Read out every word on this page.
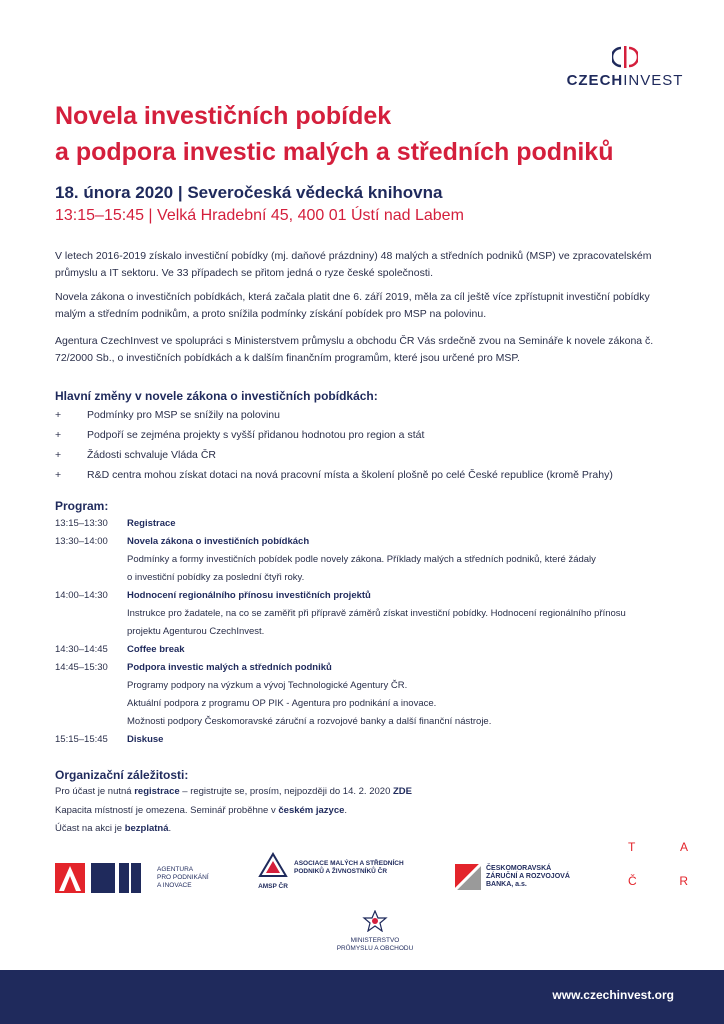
CZECHINVEST
Novela investičních pobídek
a podpora investic malých a středních podniků
18. února 2020 | Severočeská vědecká knihovna
13:15–15:45 | Velká Hradební 45, 400 01 Ústí nad Labem

V letech 2016-2019 získalo investiční pobídky (mj. daňové prázdniny) 48 malých a středních podniků (MSP) ve zpracovatelském průmyslu a IT sektoru. Ve 33 případech se přitom jedná o ryze české společnosti.

Novela zákona o investičních pobídkách, která začala platit dne 6. září 2019, měla za cíl ještě více zpřístupnit investiční pobídky malým a středním podnikům, a proto snížila podmínky získání pobídek pro MSP na polovinu.

Agentura CzechInvest ve spolupráci s Ministerstvem průmyslu a obchodu ČR Vás srdečně zvou na Semináře k novele zákona č. 72/2000 Sb., o investičních pobídkách a k dalším finančním programům, které jsou určené pro MSP.

Hlavní změny v novele zákona o investičních pobídkách:
+ Podmínky pro MSP se snížily na polovinu
+ Podpoří se zejména projekty s vyšší přidanou hodnotou pro region a stát
+ Žádosti schvaluje Vláda ČR
+ R&D centra mohou získat dotaci na nová pracovní místa a školení plošně po celé České republice (kromě Prahy)
Program:
13:15–13:30	Registrace
13:30–14:00	Novela zákona o investičních pobídkách
Podmínky a formy investičních pobídek podle novely zákona. Příklady malých a středních podniků, které žádaly
o investiční pobídky za poslední čtyři roky.
14:00–14:30	Hodnocení regionálního přínosu investičních projektů
Instrukce pro žadatele, na co se zaměřit při přípravě záměrů získat investiční pobídky. Hodnocení regionálního přínosu
projektu Agenturou CzechInvest.
14:30–14:45	Coffee break
14:45–15:30	Podpora investic malých a středních podniků
Programy podpory na výzkum a vývoj Technologické Agentury ČR.
Aktuální podpora z programu OP PIK - Agentura pro podnikání a inovace.
Možnosti podpory Českomoravské záruční a rozvojové banky a další finanční nástroje.
15:15–15:45	Diskuse
Organizační záležitosti:
Pro účast je nutná registrace – registrujte se, prosím, nejpozději do 14. 2. 2020 ZDE
Kapacita místností je omezena. Seminář proběhne v českém jazyce.
Účast na akci je bezplatná.
AGENTURA
PRO PODNIKÁNÍ
A INOVACE	AMSP ČR
ASOCIACE MALÝCH A STŘEDNÍCH
PODNIKŮ A ŽIVNOSTNÍKŮ ČR	ČESKOMORAVSKÁ
ZÁRUČNÍ A ROZVOJOVÁ
BANKA, a.s.
T	A
Č	R
MINISTERSTVO
PRŮMYSLU A OBCHODU
www.czechinvest.org
